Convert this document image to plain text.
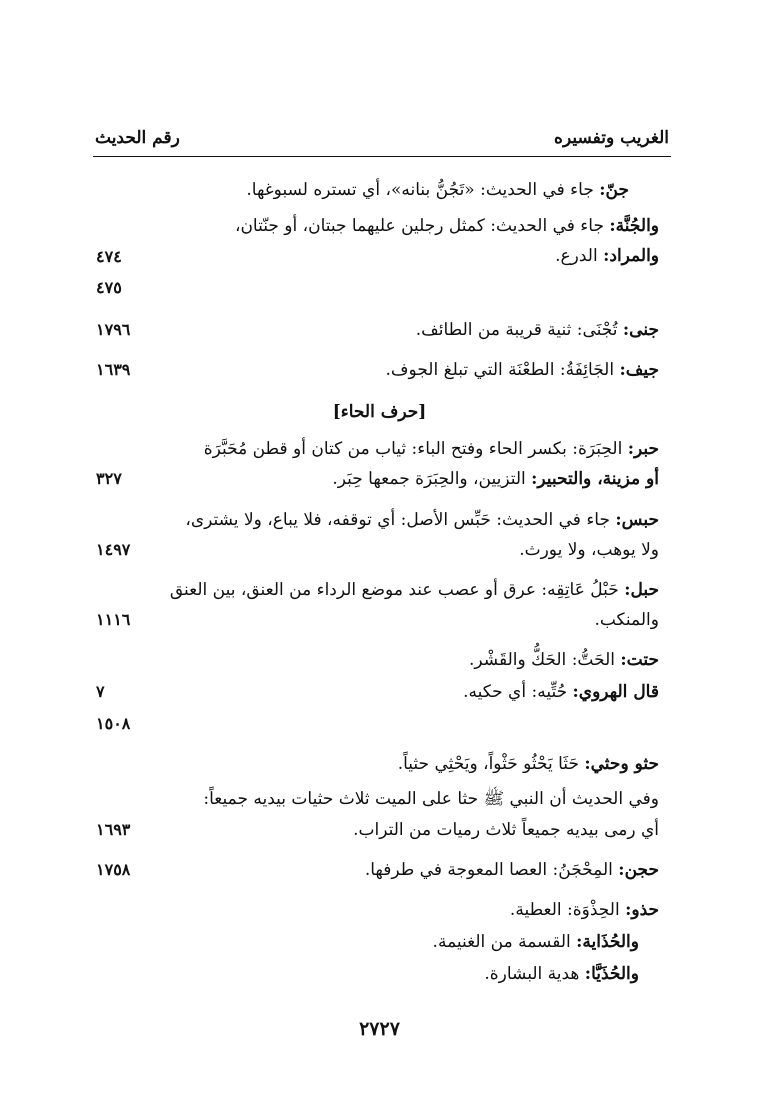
الغريب وتفسيره
رقم الحديث
جنّ: جاء في الحديث: «تَجُنُّ بنانه»، أي تستره لسبوغها.
والجُنَّة: جاء في الحديث: كمثل رجلين عليهما جبتان، أو جنّتان،
والمراد: الدرع.
٤٧٤
٤٧٥
جنى: تُجْنَى: ثنية قريبة من الطائف.
١٧٩٦
جيف: الجَائِفَةُ: الطعْنَة التي تبلغ الجوف.
١٦٣٩
[حرف الحاء]
حبر: الحِبَرَة: بكسر الحاء وفتح الباء: ثياب من كتان أو قطن مُحَبَّرَة
أو مزينة، والتحبير: التزيين، والحِبَرَة جمعها حِبَر.
٣٢٧
حبس: جاء في الحديث: حَبِّس الأصل: أي توقفه، فلا يباع، ولا يشترى،
ولا يوهب، ولا يورث.
١٤٩٧
حبل: حَبْلُ عَاتِقِه: عرق أو عصب عند موضع الرداء من العنق، بين العنق
والمنكب.
١١١٦
حتت: الحَتُّ: الحَكُّ والقَشْر.
قال الهروي: حُتِّيه: أي حكيه.
٧
١٥٠٨
حثو وحثي: حَثَا يَحْثُو حَثْواً، ويَحْثِي حثياً.
وفي الحديث أن النبي ﷺ حثا على الميت ثلاث حثيات بيديه جميعاً:
أي رمى بيديه جميعاً ثلاث رميات من التراب.
١٦٩٣
حجن: المِحْجَنُ: العصا المعوجة في طرفها.
١٧٥٨
حذو: الحِذْوَة: العطية.
والحُذَاية: القسمة من الغنيمة.
والحُذَيَّا: هدية البشارة.
٢٧٢٧
